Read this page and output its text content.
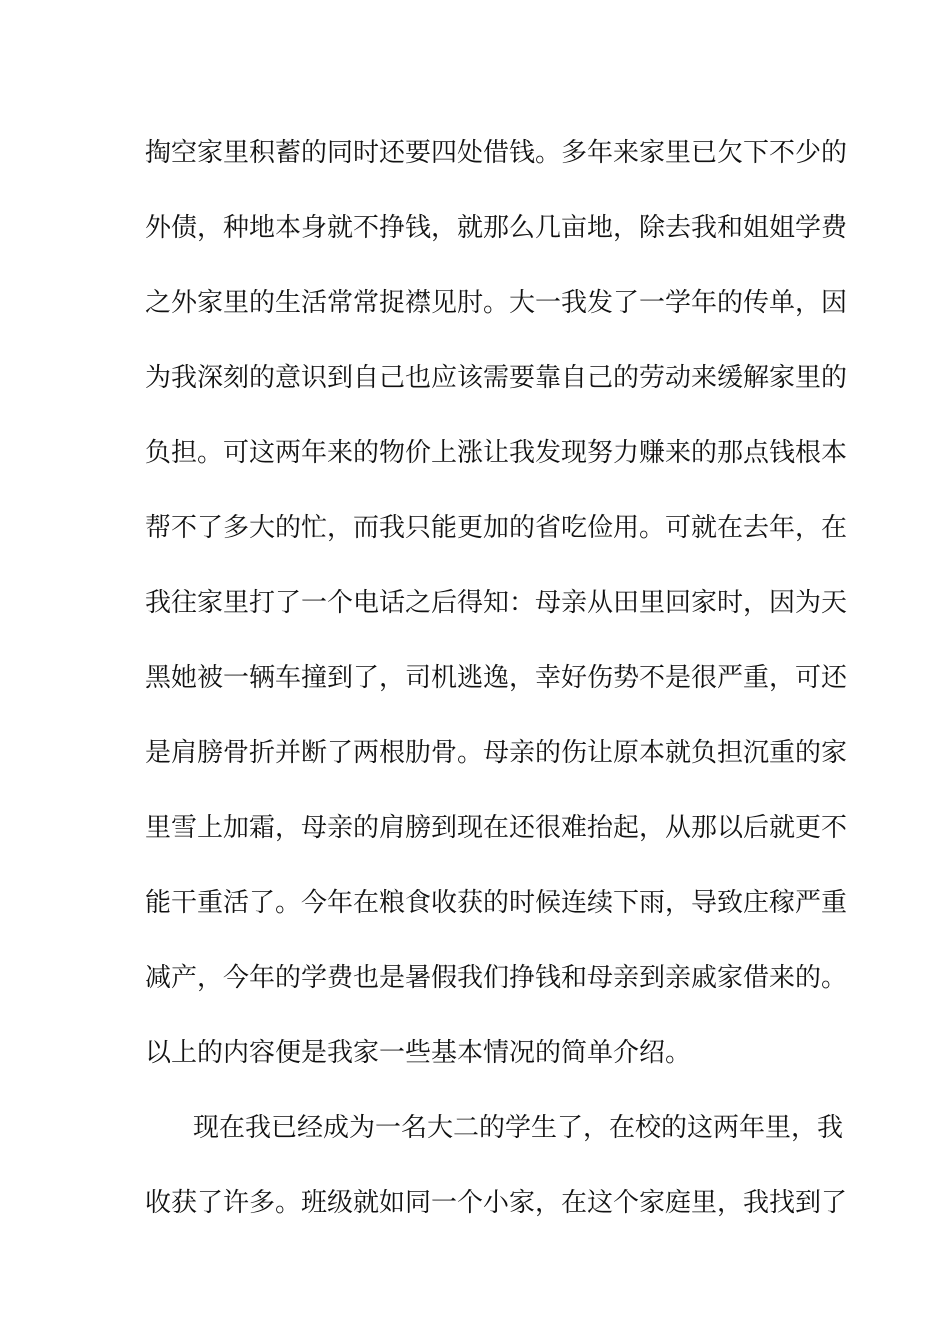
掏空家里积蓄的同时还要四处借钱。多年来家里已欠下不少的
外债，种地本身就不挣钱，就那么几亩地，除去我和姐姐学费
之外家里的生活常常捉襟见肘。大一我发了一学年的传单，因
为我深刻的意识到自己也应该需要靠自己的劳动来缓解家里的
负担。可这两年来的物价上涨让我发现努力赚来的那点钱根本
帮不了多大的忙，而我只能更加的省吃俭用。可就在去年，在
我往家里打了一个电话之后得知：母亲从田里回家时，因为天
黑她被一辆车撞到了，司机逃逸，幸好伤势不是很严重，可还
是肩膀骨折并断了两根肋骨。母亲的伤让原本就负担沉重的家
里雪上加霜，母亲的肩膀到现在还很难抬起，从那以后就更不
能干重活了。今年在粮食收获的时候连续下雨，导致庄稼严重
减产，今年的学费也是暑假我们挣钱和母亲到亲戚家借来的。
以上的内容便是我家一些基本情况的简单介绍。
现在我已经成为一名大二的学生了，在校的这两年里，我
收获了许多。班级就如同一个小家，在这个家庭里，我找到了
